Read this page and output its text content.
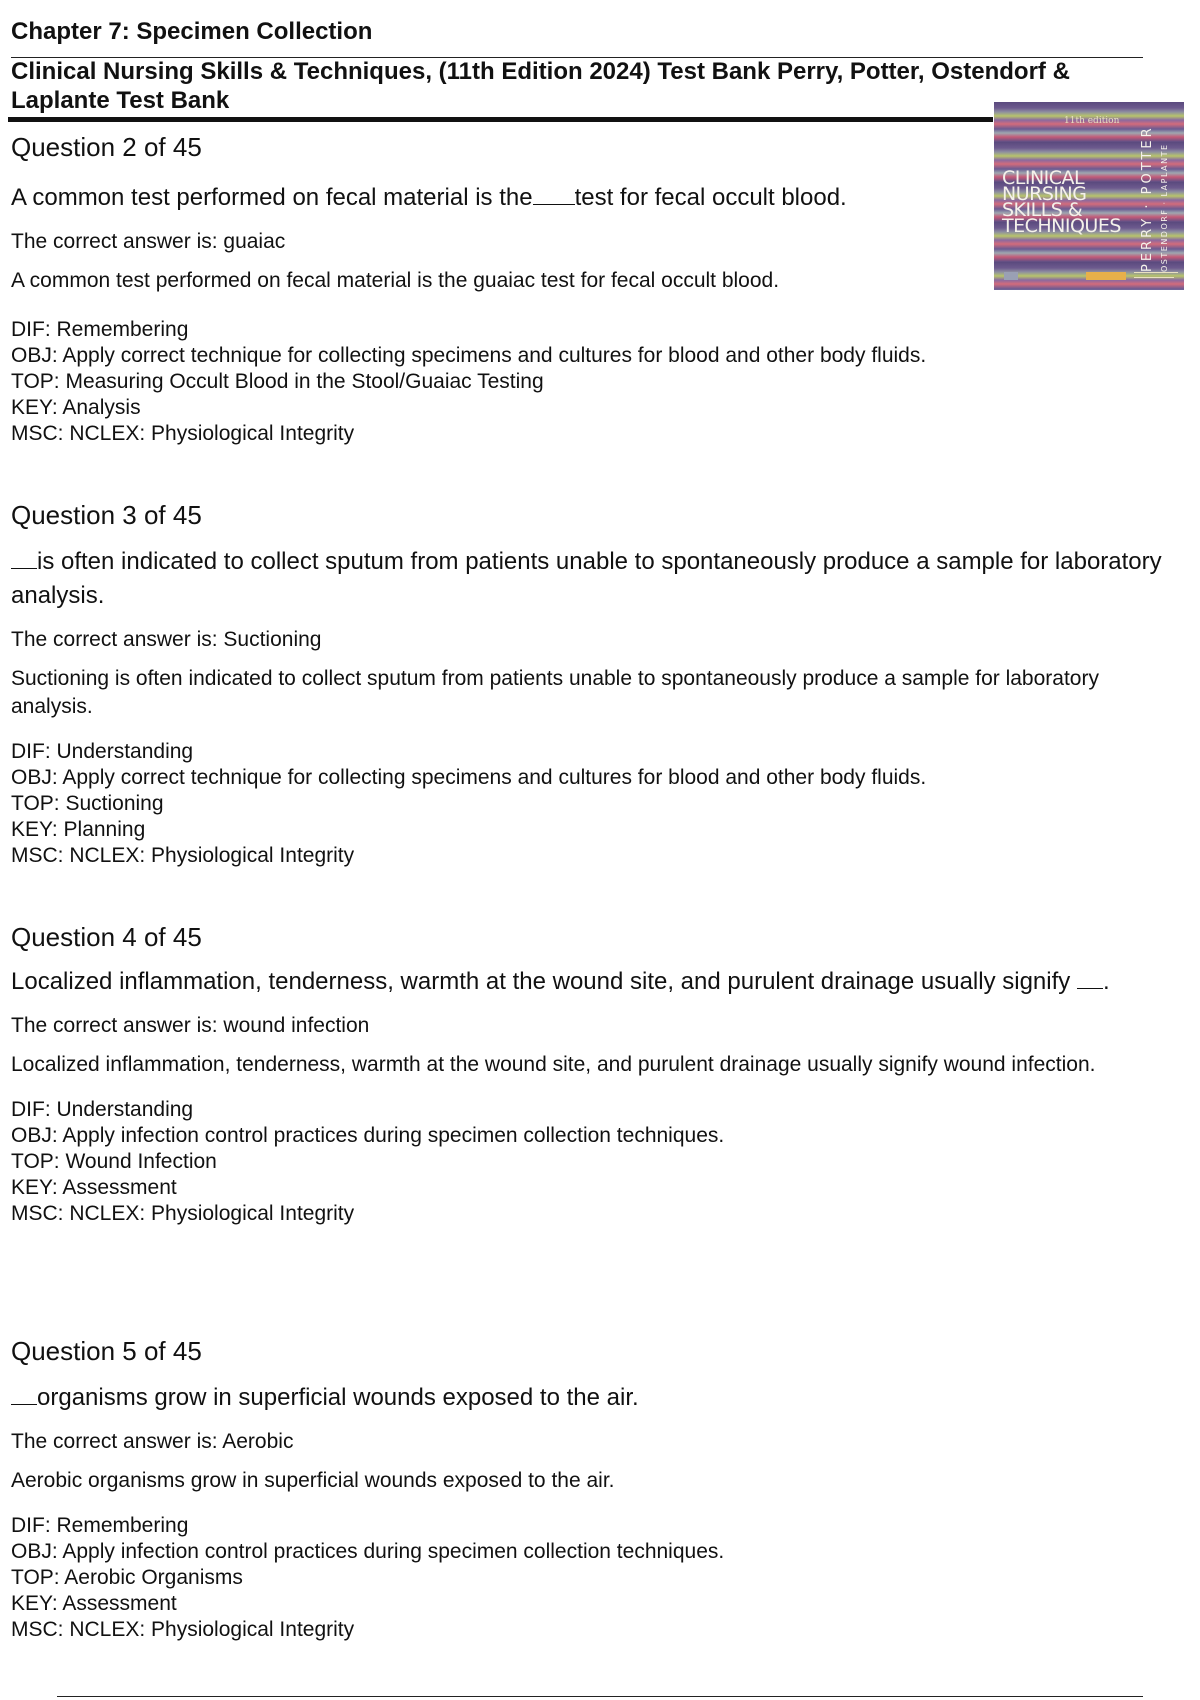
Chapter 7: Specimen Collection
Clinical Nursing Skills & Techniques, (11th Edition 2024) Test Bank Perry, Potter, Ostendorf & Laplante Test Bank
11th edition
CLINICAL NURSING SKILLS & TECHNIQUES	PERRY · POTTER OSTENDORF · LAPLANTE
Question 2 of 45
A common test performed on fecal material is the test for fecal occult blood.
The correct answer is: guaiac
A common test performed on fecal material is the guaiac test for fecal occult blood.
DIF: Remembering
OBJ: Apply correct technique for collecting specimens and cultures for blood and other body fluids.
TOP: Measuring Occult Blood in the Stool/Guaiac Testing
KEY: Analysis
MSC: NCLEX: Physiological Integrity
Question 3 of 45
is often indicated to collect sputum from patients unable to spontaneously produce a sample for laboratory analysis.
The correct answer is: Suctioning
Suctioning is often indicated to collect sputum from patients unable to spontaneously produce a sample for laboratory analysis.
DIF: Understanding
OBJ: Apply correct technique for collecting specimens and cultures for blood and other body fluids.
TOP: Suctioning
KEY: Planning
MSC: NCLEX: Physiological Integrity
Question 4 of 45
Localized inflammation, tenderness, warmth at the wound site, and purulent drainage usually signify .
The correct answer is: wound infection
Localized inflammation, tenderness, warmth at the wound site, and purulent drainage usually signify wound infection.
DIF: Understanding
OBJ: Apply infection control practices during specimen collection techniques.
TOP: Wound Infection
KEY: Assessment
MSC: NCLEX: Physiological Integrity
Question 5 of 45
organisms grow in superficial wounds exposed to the air.
The correct answer is: Aerobic
Aerobic organisms grow in superficial wounds exposed to the air.
DIF: Remembering
OBJ: Apply infection control practices during specimen collection techniques.
TOP: Aerobic Organisms
KEY: Assessment
MSC: NCLEX: Physiological Integrity
